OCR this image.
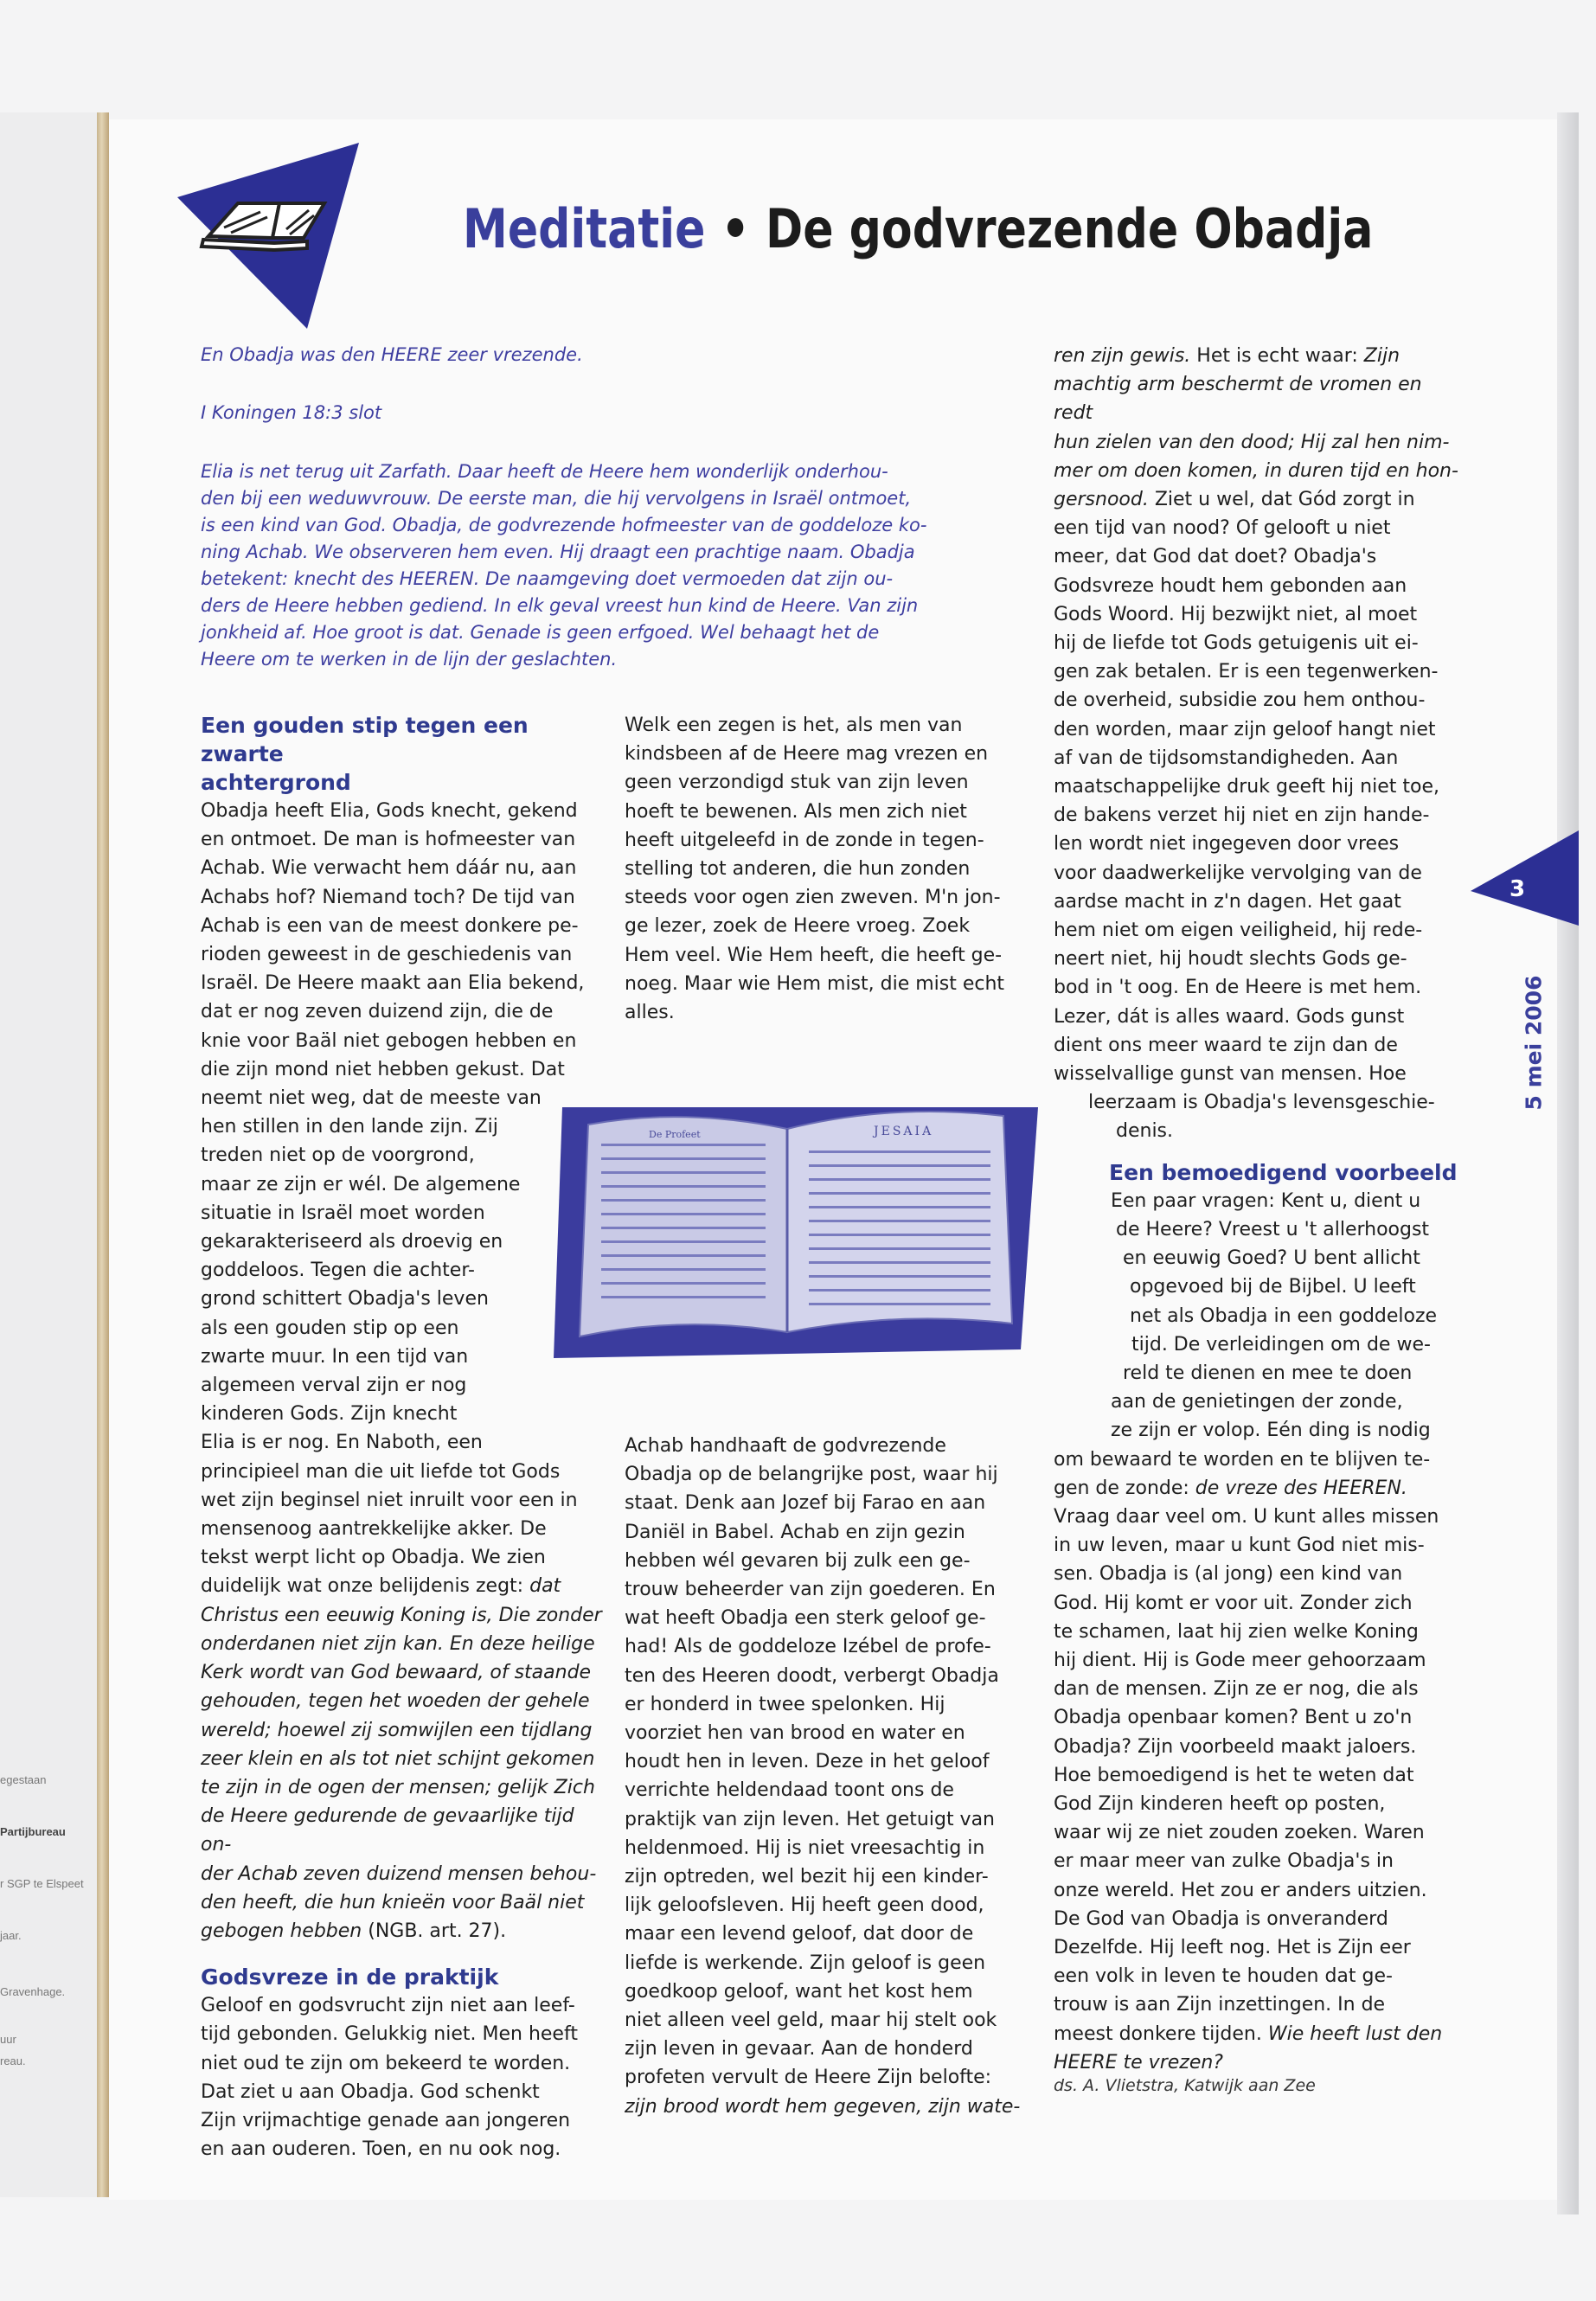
egestaan
Partijbureau
r SGP te Elspeet
jaar.
Gravenhage.
uur
reau.
Meditatie • De godvrezende Obadja

En Obadja was den HEERE zeer vrezende.

I Koningen 18:3 slot

Elia is net terug uit Zarfath. Daar heeft de Heere hem wonderlijk onderhou-
den bij een weduwvrouw. De eerste man, die hij vervolgens in Israël ontmoet,
is een kind van God. Obadja, de godvrezende hofmeester van de goddeloze ko-
ning Achab. We observeren hem even. Hij draagt een prachtige naam. Obadja
betekent: knecht des HEEREN. De naamgeving doet vermoeden dat zijn ou-
ders de Heere hebben gediend. In elk geval vreest hun kind de Heere. Van zijn
jonkheid af. Hoe groot is dat. Genade is geen erfgoed. Wel behaagt het de
Heere om te werken in de lijn der geslachten.

Een gouden stip tegen een zwarte

achtergrond

Obadja heeft Elia, Gods knecht, gekend

en ontmoet. De man is hofmeester van

Achab. Wie verwacht hem dáár nu, aan

Achabs hof? Niemand toch? De tijd van

Achab is een van de meest donkere pe-

rioden geweest in de geschiedenis van

Israël. De Heere maakt aan Elia bekend,

dat er nog zeven duizend zijn, die de

knie voor Baäl niet gebogen hebben en

die zijn mond niet hebben gekust. Dat

neemt niet weg, dat de meeste van

hen stillen in den lande zijn. Zij

treden niet op de voorgrond,

maar ze zijn er wél. De algemene

situatie in Israël moet worden

gekarakteriseerd als droevig en

goddeloos. Tegen die achter-

grond schittert Obadja's leven

als een gouden stip op een

zwarte muur. In een tijd van

algemeen verval zijn er nog

kinderen Gods. Zijn knecht

Elia is er nog. En Naboth, een

principieel man die uit liefde tot Gods

wet zijn beginsel niet inruilt voor een in

mensenoog aantrekkelijke akker. De

tekst werpt licht op Obadja. We zien

duidelijk wat onze belijdenis zegt: dat

Christus een eeuwig Koning is, Die zonder

onderdanen niet zijn kan. En deze heilige

Kerk wordt van God bewaard, of staande

gehouden, tegen het woeden der gehele

wereld; hoewel zij somwijlen een tijdlang

zeer klein en als tot niet schijnt gekomen

te zijn in de ogen der mensen; gelijk Zich

de Heere gedurende de gevaarlijke tijd on-

der Achab zeven duizend mensen behou-

den heeft, die hun knieën voor Baäl niet

gebogen hebben (NGB. art. 27).

Godsvreze in de praktijk

Geloof en godsvrucht zijn niet aan leef-

tijd gebonden. Gelukkig niet. Men heeft

niet oud te zijn om bekeerd te worden.

Dat ziet u aan Obadja. God schenkt

Zijn vrijmachtige genade aan jongeren

en aan ouderen. Toen, en nu ook nog.

Welk een zegen is het, als men van

kindsbeen af de Heere mag vrezen en

geen verzondigd stuk van zijn leven

hoeft te bewenen. Als men zich niet

heeft uitgeleefd in de zonde in tegen-

stelling tot anderen, die hun zonden

steeds voor ogen zien zweven. M'n jon-

ge lezer, zoek de Heere vroeg. Zoek

Hem veel. Wie Hem heeft, die heeft ge-

noeg. Maar wie Hem mist, die mist echt

alles.

De Profeet	JESAIA

Achab handhaaft de godvrezende

Obadja op de belangrijke post, waar hij

staat. Denk aan Jozef bij Farao en aan

Daniël in Babel. Achab en zijn gezin

hebben wél gevaren bij zulk een ge-

trouw beheerder van zijn goederen. En

wat heeft Obadja een sterk geloof ge-

had! Als de goddeloze Izébel de profe-

ten des Heeren doodt, verbergt Obadja

er honderd in twee spelonken. Hij

voorziet hen van brood en water en

houdt hen in leven. Deze in het geloof

verrichte heldendaad toont ons de

praktijk van zijn leven. Het getuigt van

heldenmoed. Hij is niet vreesachtig in

zijn optreden, wel bezit hij een kinder-

lijk geloofsleven. Hij heeft geen dood,

maar een levend geloof, dat door de

liefde is werkende. Zijn geloof is geen

goedkoop geloof, want het kost hem

niet alleen veel geld, maar hij stelt ook

zijn leven in gevaar. Aan de honderd

profeten vervult de Heere Zijn belofte:

zijn brood wordt hem gegeven, zijn wate-

ren zijn gewis. Het is echt waar: Zijn

machtig arm beschermt de vromen en redt

hun zielen van den dood; Hij zal hen nim-

mer om doen komen, in duren tijd en hon-

gersnood. Ziet u wel, dat Gód zorgt in

een tijd van nood? Of gelooft u niet

meer, dat God dat doet? Obadja's

Godsvreze houdt hem gebonden aan

Gods Woord. Hij bezwijkt niet, al moet

hij de liefde tot Gods getuigenis uit ei-

gen zak betalen. Er is een tegenwerken-

de overheid, subsidie zou hem onthou-

den worden, maar zijn geloof hangt niet

af van de tijdsomstandigheden. Aan

maatschappelijke druk geeft hij niet toe,

de bakens verzet hij niet en zijn hande-

len wordt niet ingegeven door vrees

voor daadwerkelijke vervolging van de

aardse macht in z'n dagen. Het gaat

hem niet om eigen veiligheid, hij rede-

neert niet, hij houdt slechts Gods ge-

bod in 't oog. En de Heere is met hem.

Lezer, dát is alles waard. Gods gunst

dient ons meer waard te zijn dan de

wisselvallige gunst van mensen. Hoe

leerzaam is Obadja's levensgeschie-

denis.

Een bemoedigend voorbeeld

Een paar vragen: Kent u, dient u

de Heere? Vreest u 't allerhoogst

en eeuwig Goed? U bent allicht

opgevoed bij de Bijbel. U leeft

net als Obadja in een goddeloze

tijd. De verleidingen om de we-

reld te dienen en mee te doen

aan de genietingen der zonde,

ze zijn er volop. Eén ding is nodig

om bewaard te worden en te blijven te-

gen de zonde: de vreze des HEEREN.

Vraag daar veel om. U kunt alles missen

in uw leven, maar u kunt God niet mis-

sen. Obadja is (al jong) een kind van

God. Hij komt er voor uit. Zonder zich

te schamen, laat hij zien welke Koning

hij dient. Hij is Gode meer gehoorzaam

dan de mensen. Zijn ze er nog, die als

Obadja openbaar komen? Bent u zo'n

Obadja? Zijn voorbeeld maakt jaloers.

Hoe bemoedigend is het te weten dat

God Zijn kinderen heeft op posten,

waar wij ze niet zouden zoeken. Waren

er maar meer van zulke Obadja's in

onze wereld. Het zou er anders uitzien.

De God van Obadja is onveranderd

Dezelfde. Hij leeft nog. Het is Zijn eer

een volk in leven te houden dat ge-

trouw is aan Zijn inzettingen. In de

meest donkere tijden. Wie heeft lust den

HEERE te vrezen?

ds. A. Vlietstra, Katwijk aan Zee

3

5 mei 2006
